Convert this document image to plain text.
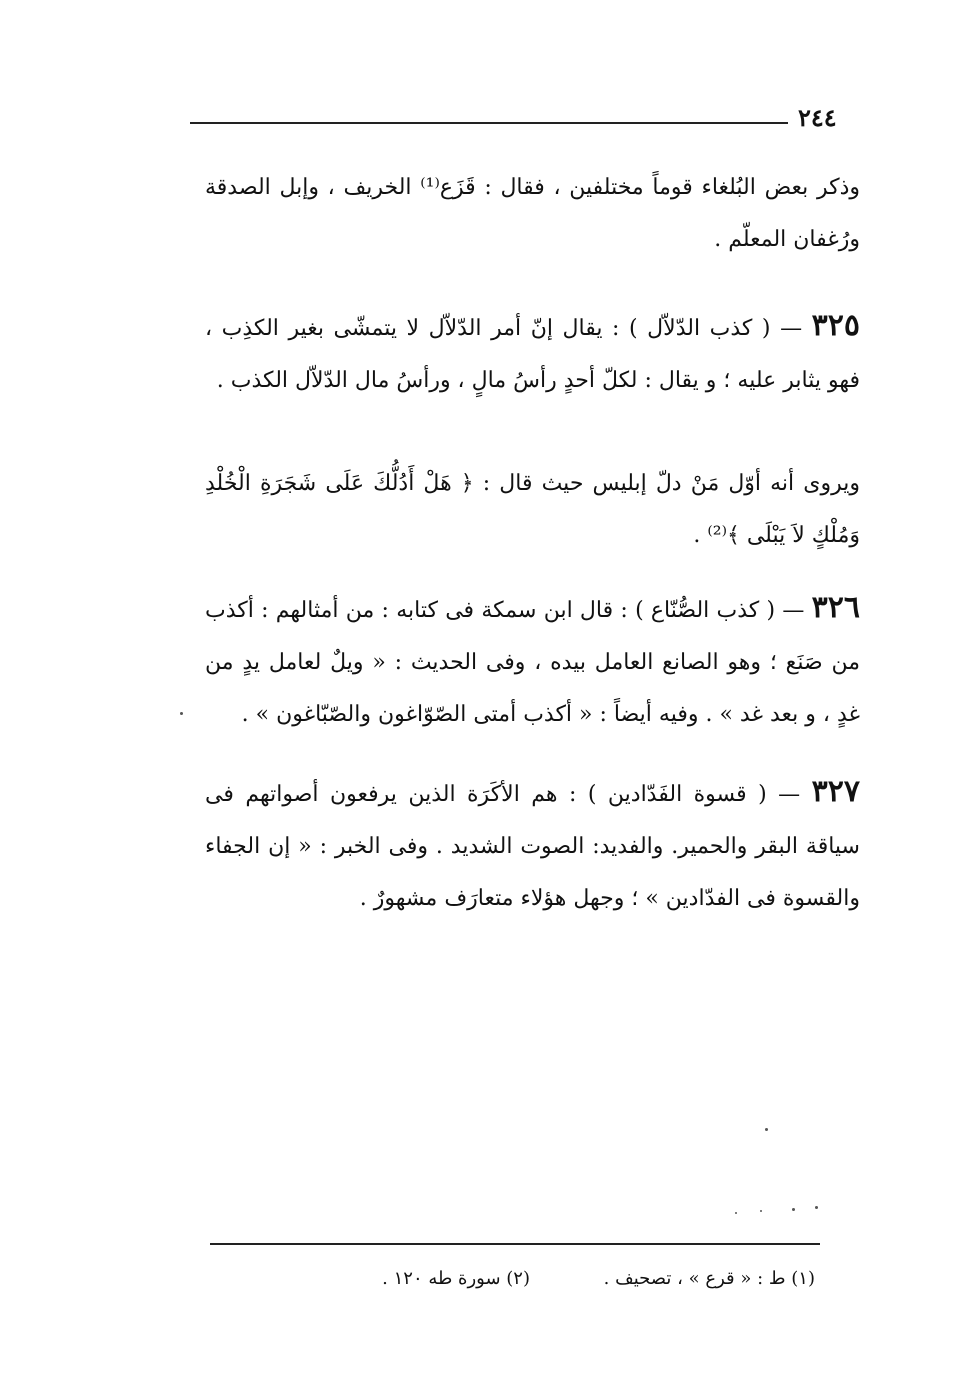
٢٤٤
وذكر بعض البُلغاء قوماً مختلفين ، فقال : قَزَع⁽¹⁾ الخريف ، وإبل الصدقة ورُغفان المعلّم .
٣٢٥ — ( كذب الدّلاّل ) : يقال إنّ أمر الدّلاّل لا يتمشّى بغير الكذِب ، فهو يثابر عليه ؛ و يقال : لكلّ أحدٍ رأسُ مالٍ ، ورأسُ مال الدّلاّل الكذب .
ويروى أنه أوّل مَنْ دلّ إبليس حيث قال : ﴿ هَلْ أَدُلُّكَ عَلَى شَجَرَةِ الْخُلْدِ وَمُلْكٍ لاَ يَبْلَى ﴾⁽²⁾ .
٣٢٦ — ( كذب الصُّنّاع ) : قال ابن سمكة فى كتابه : من أمثالهم : أكذب من صَنَع ؛ وهو الصانع العامل بيده ، وفى الحديث : « ويلٌ لعامل يدٍ من غدٍ ، و بعد غد » . وفيه أيضاً : « أكذب أمتى الصّوّاغون والصّبّاغون » .
٣٢٧ — ( قسوة الفَدّادين ) : هم الأكَرَة الذين يرفعون أصواتهم فى سياقة البقر والحمير. والفديد: الصوت الشديد . وفى الخبر : « إن الجفاء والقسوة فى الفدّادين » ؛ وجهل هؤلاء متعارَف مشهورٌ .
(١) ط : « قرع » ، تصحيف .
(٢) سورة طه ١٢٠ .
